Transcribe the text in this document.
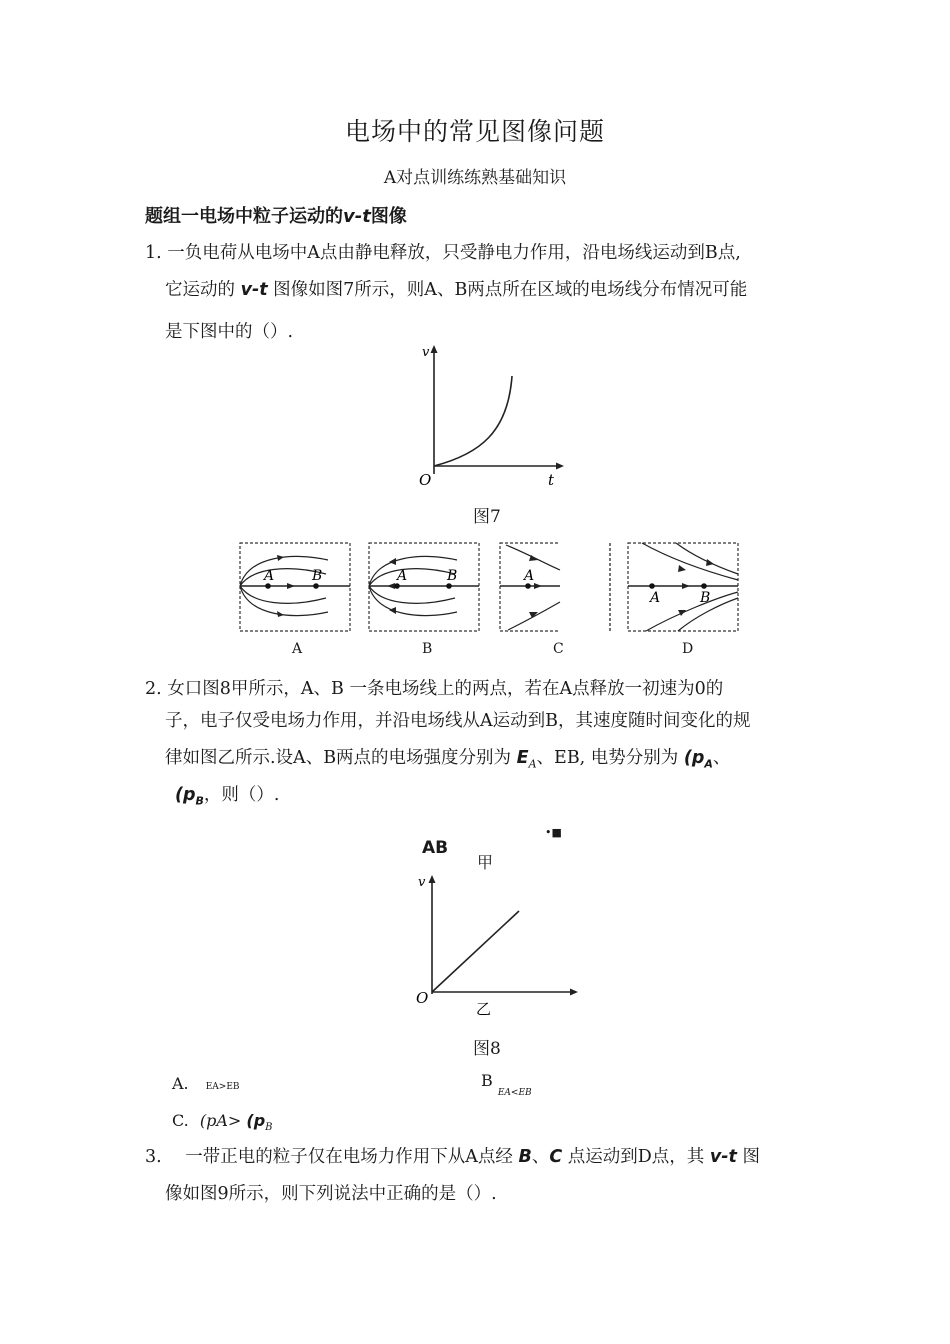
电场中的常见图像问题
A对点训练练熟基础知识
题组一电场中粒子运动的v-t图像
1. 一负电荷从电场中A点由静电释放，只受静电力作用，沿电场线运动到B点,
它运动的 v-t 图像如图7所示，则A、B两点所在区域的电场线分布情况可能
是下图中的（）.
v
O	t
图7
A	B
A
A	B
B
A
C
A	B
D
2. 女口图8甲所示，A、B 一条电场线上的两点，若在A点释放一初速为0的
子，电子仅受电场力作用，并沿电场线从A运动到B，其速度随时间变化的规
律如图乙所示.设A、B两点的电场强度分别为 $E_A$、EB, 电势分别为 ($p_A$、
($p_B$，则（）.
AB
•■
甲
v
O
乙
图8
A. EA>EB	B $_{EA<EB}$
C. ($pA> (p_B$
3. 一带正电的粒子仅在电场力作用下从A点经 B、C 点运动到D点，其 v-t 图
像如图9所示，则下列说法中正确的是（）.
